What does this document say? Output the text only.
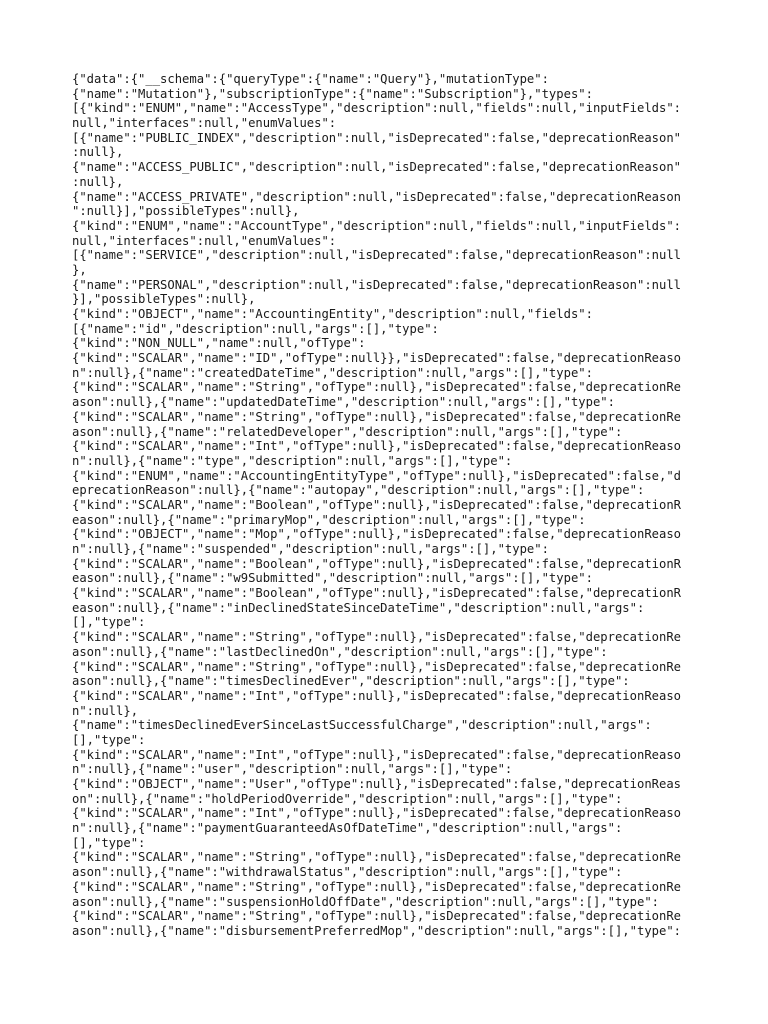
{"data":{"__schema":{"queryType":{"name":"Query"},"mutationType":
{"name":"Mutation"},"subscriptionType":{"name":"Subscription"},"types":
[{"kind":"ENUM","name":"AccessType","description":null,"fields":null,"inputFields":
null,"interfaces":null,"enumValues":
[{"name":"PUBLIC_INDEX","description":null,"isDeprecated":false,"deprecationReason"
:null},
{"name":"ACCESS_PUBLIC","description":null,"isDeprecated":false,"deprecationReason"
:null},
{"name":"ACCESS_PRIVATE","description":null,"isDeprecated":false,"deprecationReason
":null}],"possibleTypes":null},
{"kind":"ENUM","name":"AccountType","description":null,"fields":null,"inputFields":
null,"interfaces":null,"enumValues":
[{"name":"SERVICE","description":null,"isDeprecated":false,"deprecationReason":null
},
{"name":"PERSONAL","description":null,"isDeprecated":false,"deprecationReason":null
}],"possibleTypes":null},
{"kind":"OBJECT","name":"AccountingEntity","description":null,"fields":
[{"name":"id","description":null,"args":[],"type":
{"kind":"NON_NULL","name":null,"ofType":
{"kind":"SCALAR","name":"ID","ofType":null}},"isDeprecated":false,"deprecationReaso
n":null},{"name":"createdDateTime","description":null,"args":[],"type":
{"kind":"SCALAR","name":"String","ofType":null},"isDeprecated":false,"deprecationRe
ason":null},{"name":"updatedDateTime","description":null,"args":[],"type":
{"kind":"SCALAR","name":"String","ofType":null},"isDeprecated":false,"deprecationRe
ason":null},{"name":"relatedDeveloper","description":null,"args":[],"type":
{"kind":"SCALAR","name":"Int","ofType":null},"isDeprecated":false,"deprecationReaso
n":null},{"name":"type","description":null,"args":[],"type":
{"kind":"ENUM","name":"AccountingEntityType","ofType":null},"isDeprecated":false,"d
eprecationReason":null},{"name":"autopay","description":null,"args":[],"type":
{"kind":"SCALAR","name":"Boolean","ofType":null},"isDeprecated":false,"deprecationR
eason":null},{"name":"primaryMop","description":null,"args":[],"type":
{"kind":"OBJECT","name":"Mop","ofType":null},"isDeprecated":false,"deprecationReaso
n":null},{"name":"suspended","description":null,"args":[],"type":
{"kind":"SCALAR","name":"Boolean","ofType":null},"isDeprecated":false,"deprecationR
eason":null},{"name":"w9Submitted","description":null,"args":[],"type":
{"kind":"SCALAR","name":"Boolean","ofType":null},"isDeprecated":false,"deprecationR
eason":null},{"name":"inDeclinedStateSinceDateTime","description":null,"args":
[],"type":
{"kind":"SCALAR","name":"String","ofType":null},"isDeprecated":false,"deprecationRe
ason":null},{"name":"lastDeclinedOn","description":null,"args":[],"type":
{"kind":"SCALAR","name":"String","ofType":null},"isDeprecated":false,"deprecationRe
ason":null},{"name":"timesDeclinedEver","description":null,"args":[],"type":
{"kind":"SCALAR","name":"Int","ofType":null},"isDeprecated":false,"deprecationReaso
n":null},
{"name":"timesDeclinedEverSinceLastSuccessfulCharge","description":null,"args":
[],"type":
{"kind":"SCALAR","name":"Int","ofType":null},"isDeprecated":false,"deprecationReaso
n":null},{"name":"user","description":null,"args":[],"type":
{"kind":"OBJECT","name":"User","ofType":null},"isDeprecated":false,"deprecationReas
on":null},{"name":"holdPeriodOverride","description":null,"args":[],"type":
{"kind":"SCALAR","name":"Int","ofType":null},"isDeprecated":false,"deprecationReaso
n":null},{"name":"paymentGuaranteedAsOfDateTime","description":null,"args":
[],"type":
{"kind":"SCALAR","name":"String","ofType":null},"isDeprecated":false,"deprecationRe
ason":null},{"name":"withdrawalStatus","description":null,"args":[],"type":
{"kind":"SCALAR","name":"String","ofType":null},"isDeprecated":false,"deprecationRe
ason":null},{"name":"suspensionHoldOffDate","description":null,"args":[],"type":
{"kind":"SCALAR","name":"String","ofType":null},"isDeprecated":false,"deprecationRe
ason":null},{"name":"disbursementPreferredMop","description":null,"args":[],"type":
